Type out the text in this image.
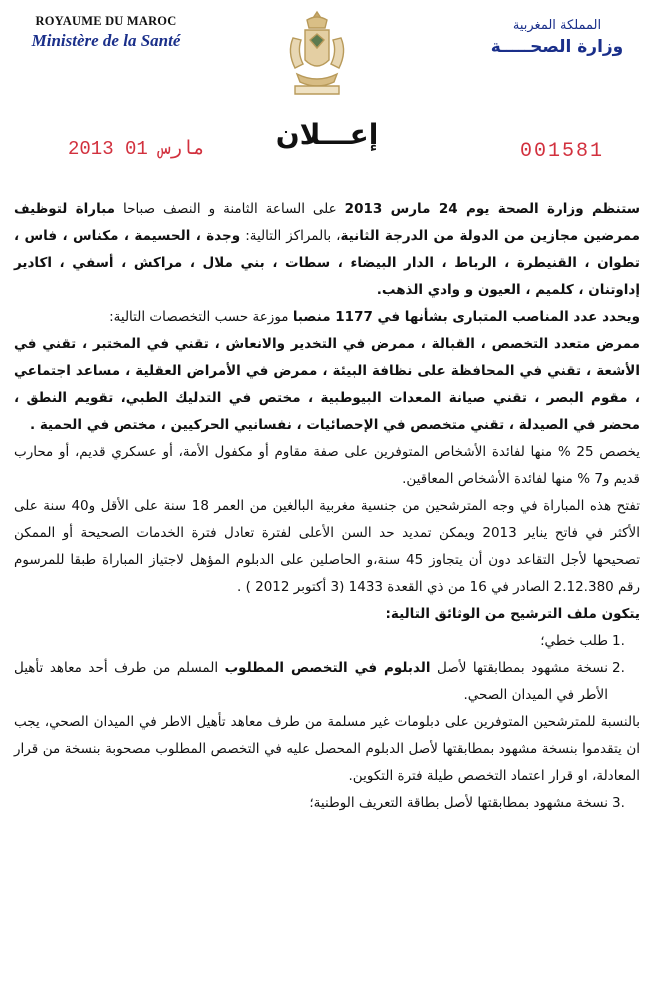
ROYAUME DU MAROC
Ministère de la Santé
المملكة المغربية
وزارة الصحـــــة
إعـــلان
2013 مارس 01	001581

ستنظم وزارة الصحة يوم 24 مارس 2013 على الساعة الثامنة و النصف صباحا مباراة لتوظيف ممرضين مجازين من الدولة من الدرجة الثانية، بالمراكز التالية: وجدة ، الحسيمة ، مكناس ، فاس ، تطوان ، القنيطرة ، الرباط ، الدار البيضاء ، سطات ، بني ملال ، مراكش ، أسفي ، اكادير إداوتنان ، كلميم ، العيون و وادي الذهب.

ويحدد عدد المناصب المتبارى بشأنها في 1177 منصبا موزعة حسب التخصصات التالية:

ممرض متعدد التخصص ، القبالة ، ممرض في التخدير والانعاش ، تقني في المختبر ، تقني في الأشعة ، تقني في المحافظة على نظافة البيئة ، ممرض في الأمراض العقلية ، مساعد اجتماعي ، مقوم البصر ، تقني صيانة المعدات البيوطبية ، مختص في التدليك الطبي، تقويم النطق ، محضر في الصيدلة ، تقني متخصص في الإحصائيات ، نفسانيي الحركيين ، مختص في الحمية .

يخصص 25 % منها لفائدة الأشخاص المتوفرين على صفة مقاوم أو مكفول الأمة، أو عسكري قديم، أو محارب قديم و7 % منها لفائدة الأشخاص المعاقين.

تفتح هذه المباراة في وجه المترشحين من جنسية مغربية البالغين من العمر 18 سنة على الأقل و40 سنة على الأكثر في فاتح يناير 2013 ويمكن تمديد حد السن الأعلى لفترة تعادل فترة الخدمات الصحيحة أو الممكن تصحيحها لأجل التقاعد دون أن يتجاوز 45 سنة،و الحاصلين على الدبلوم المؤهل لاجتياز المباراة طبقا للمرسوم رقم 2.12.380 الصادر في 16 من ذي القعدة 1433 (3 أكتوبر 2012 ) .

يتكون ملف الترشيح من الوثائق التالية:

1.
طلب خطي؛
2.
نسخة مشهود بمطابقتها لأصل الدبلوم في التخصص المطلوب المسلم من طرف أحد معاهد تأهيل الأطر في الميدان الصحي.

بالنسبة للمترشحين المتوفرين على دبلومات غير مسلمة من طرف معاهد تأهيل الاطر في الميدان الصحي، يجب ان يتقدموا بنسخة مشهود بمطابقتها لأصل الدبلوم المحصل عليه في التخصص المطلوب مصحوبة بنسخة من قرار المعادلة، او قرار اعتماد التخصص طيلة فترة التكوين.

3.
نسخة مشهود بمطابقتها لأصل بطاقة التعريف الوطنية؛
